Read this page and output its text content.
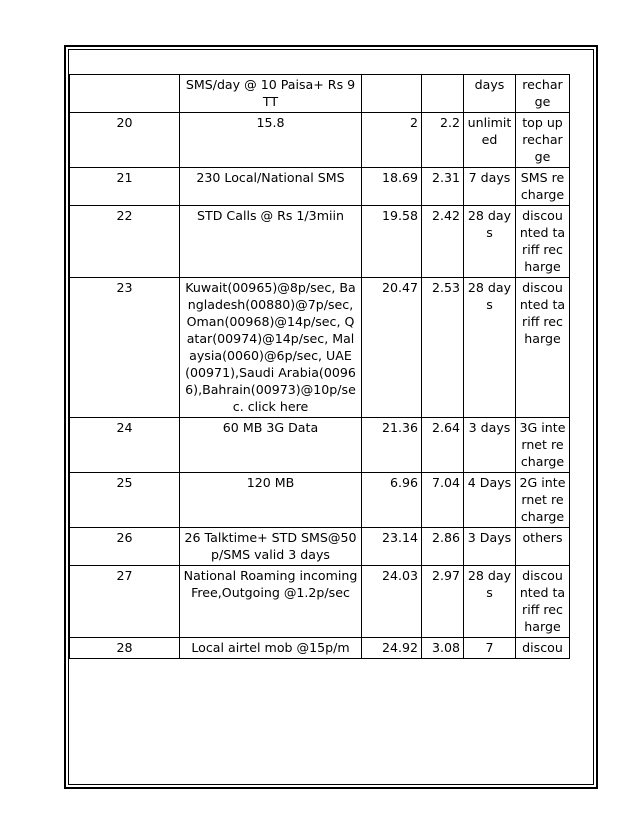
	SMS/day @ 10 Paisa+ Rs 9 TT			days	recharge
20	15.8	2	2.2	unlimited	top up recharge
21	230 Local/National SMS	18.69	2.31	7 days	SMS recharge
22	STD Calls @ Rs 1/3miin	19.58	2.42	28 days	discounted tariff recharge
23	Kuwait(00965)@8p/sec, Bangladesh(00880)@7p/sec, Oman(00968)@14p/sec, Qatar(00974)@14p/sec, Malaysia(0060)@6p/sec, UAE(00971),Saudi Arabia(00966),Bahrain(00973)@10p/sec. click here	20.47	2.53	28 days	discounted tariff recharge
24	60 MB 3G Data	21.36	2.64	3 days	3G internet recharge
25	120 MB	6.96	7.04	4 Days	2G internet recharge
26	26 Talktime+ STD SMS@50p/SMS valid 3 days	23.14	2.86	3 Days	others
27	National Roaming incoming Free,Outgoing @1.2p/sec	24.03	2.97	28 days	discounted tariff recharge
28	Local airtel mob @15p/m	24.92	3.08	7	discou
